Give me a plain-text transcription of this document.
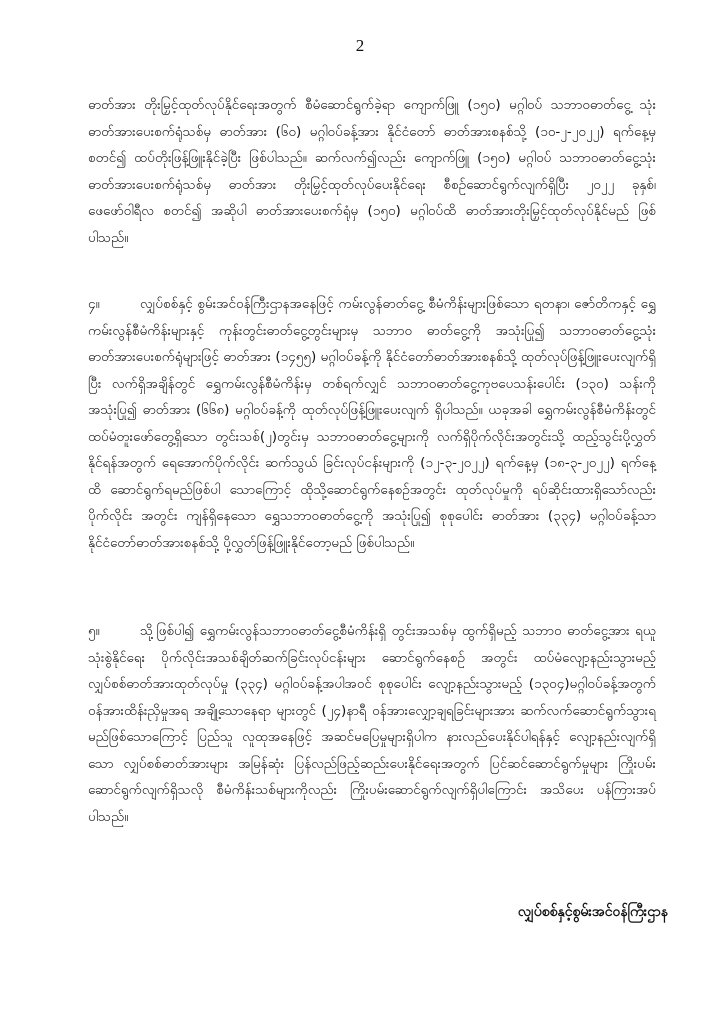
2

ဓာတ်အား တိုးမြှင့်ထုတ်လုပ်နိုင်ရေးအတွက် စီမံဆောင်ရွက်ခဲ့ရာ ကျောက်ဖြူ (၁၅၀) မဂ္ဂါဝပ် သဘာဝဓာတ်ငွေ့ သုံးဓာတ်အားပေးစက်ရုံသစ်မှ ဓာတ်အား (၆၀) မဂ္ဂါဝပ်ခန့်အား နိုင်ငံတော် ဓာတ်အားစနစ်သို့ (၁၀-၂-၂၀၂၂) ရက်နေ့မှစတင်၍ ထပ်တိုးဖြန့်ဖြူးနိုင်ခဲ့ပြီး ဖြစ်ပါသည်။ ဆက်လက်၍လည်း ကျောက်ဖြူ (၁၅၀) မဂ္ဂါဝပ် သဘာဝဓာတ်ငွေ့သုံး ဓာတ်အားပေးစက်ရုံသစ်မှ ဓာတ်အား တိုးမြှင့်ထုတ်လုပ်ပေးနိုင်ရေး စီစဉ်ဆောင်ရွက်လျက်ရှိပြီး ၂၀၂၂ ခုနှစ်၊ ဖေဖော်ဝါရီလ စတင်၍ အဆိုပါ ဓာတ်အားပေးစက်ရုံမှ (၁၅၀) မဂ္ဂါဝပ်ထိ ဓာတ်အားတိုးမြှင့်ထုတ်လုပ်နိုင်မည် ဖြစ်ပါသည်။

၄။	လျှပ်စစ်နှင့် စွမ်းအင်ဝန်ကြီးဌာနအနေဖြင့် ကမ်းလွန်ဓာတ်ငွေ့ စီမံကိန်းများဖြစ်သော ရတနာ၊ ဇော်တိကနှင့် ရွှေကမ်းလွန်စီမံကိန်းများနှင့် ကုန်းတွင်းဓာတ်ငွေ့တွင်းများမှ သဘာဝ ဓာတ်ငွေ့ကို အသုံးပြု၍ သဘာဝဓာတ်ငွေ့သုံး ဓာတ်အားပေးစက်ရုံများဖြင့် ဓာတ်အား (၁၄၅၅) မဂ္ဂါဝပ်ခန့်ကို နိုင်ငံတော်ဓာတ်အားစနစ်သို့ ထုတ်လုပ်ဖြန့်ဖြူးပေးလျက်ရှိပြီး လက်ရှိအချိန်တွင် ရွှေကမ်းလွန်စီမံကိန်းမှ တစ်ရက်လျှင် သဘာဝဓာတ်ငွေ့ကုဗပေသန်းပေါင်း (၁၃၀) သန်းကို အသုံးပြု၍ ဓာတ်အား (၆၆၈) မဂ္ဂါဝပ်ခန့်ကို ထုတ်လုပ်ဖြန့်ဖြူးပေးလျက် ရှိပါသည်။ ယခုအခါ ရွှေကမ်းလွန်စီမံကိန်းတွင် ထပ်မံတူးဖော်တွေ့ရှိသော တွင်းသစ်(၂)တွင်းမှ သဘာဝဓာတ်ငွေ့များကို လက်ရှိပိုက်လိုင်းအတွင်းသို့ ထည့်သွင်းပို့လွှတ်နိုင်ရန်အတွက် ရေအောက်ပိုက်လိုင်း ဆက်သွယ် ခြင်းလုပ်ငန်းများကို (၁၂-၃-၂၀၂၂) ရက်နေ့မှ (၁၈-၃-၂၀၂၂) ရက်နေ့ထိ ဆောင်ရွက်ရမည်ဖြစ်ပါ သောကြောင့် ထိုသို့ဆောင်ရွက်နေစဉ်အတွင်း ထုတ်လုပ်မှုကို ရပ်ဆိုင်းထားရှိသော်လည်း ပိုက်လိုင်း အတွင်း ကျန်ရှိနေသော ရွှေသဘာဝဓာတ်ငွေ့ကို အသုံးပြု၍ စုစုပေါင်း ဓာတ်အား (၃၃၄) မဂ္ဂါဝပ်ခန့်သာ နိုင်ငံတော်ဓာတ်အားစနစ်သို့ ပို့လွှတ်ဖြန့်ဖြူးနိုင်တော့မည် ဖြစ်ပါသည်။

၅။	သို့ဖြစ်ပါ၍ ရွှေကမ်းလွန်သဘာဝဓာတ်ငွေ့စီမံကိန်းရှိ တွင်းအသစ်မှ ထွက်ရှိမည့် သဘာဝ ဓာတ်ငွေ့အား ရယူသုံးစွဲနိုင်ရေး ပိုက်လိုင်းအသစ်ချိတ်ဆက်ခြင်းလုပ်ငန်းများ ဆောင်ရွက်နေစဉ် အတွင်း ထပ်မံလျော့နည်းသွားမည့် လျှပ်စစ်ဓာတ်အားထုတ်လုပ်မှု (၃၃၄) မဂ္ဂါဝပ်ခန့်အပါအဝင် စုစုပေါင်း လျော့နည်းသွားမည့် (၁၃၀၄)မဂ္ဂါဝပ်ခန့်အတွက် ဝန်အားထိန်းညှိမှုအရ အချို့သောနေရာ များတွင် (၂၄)နာရီ ဝန်အားလျှော့ချရခြင်းများအား ဆက်လက်ဆောင်ရွက်သွားရမည်ဖြစ်သောကြောင့် ပြည်သူ လူထုအနေဖြင့် အဆင်မပြေမှုများရှိပါက နားလည်ပေးနိုင်ပါရန်နှင့် လျော့နည်းလျက်ရှိသော လျှပ်စစ်ဓာတ်အားများ အမြန်ဆုံး ပြန်လည်ဖြည့်ဆည်းပေးနိုင်ရေးအတွက် ပြင်ဆင်ဆောင်ရွက်မှုများ ကြိုးပမ်းဆောင်ရွက်လျက်ရှိသလို စီမံကိန်းသစ်များကိုလည်း ကြိုးပမ်းဆောင်ရွက်လျက်ရှိပါကြောင်း အသိပေး ပန်ကြားအပ်ပါသည်။

လျှပ်စစ်နှင့်စွမ်းအင်ဝန်ကြီးဌာန
